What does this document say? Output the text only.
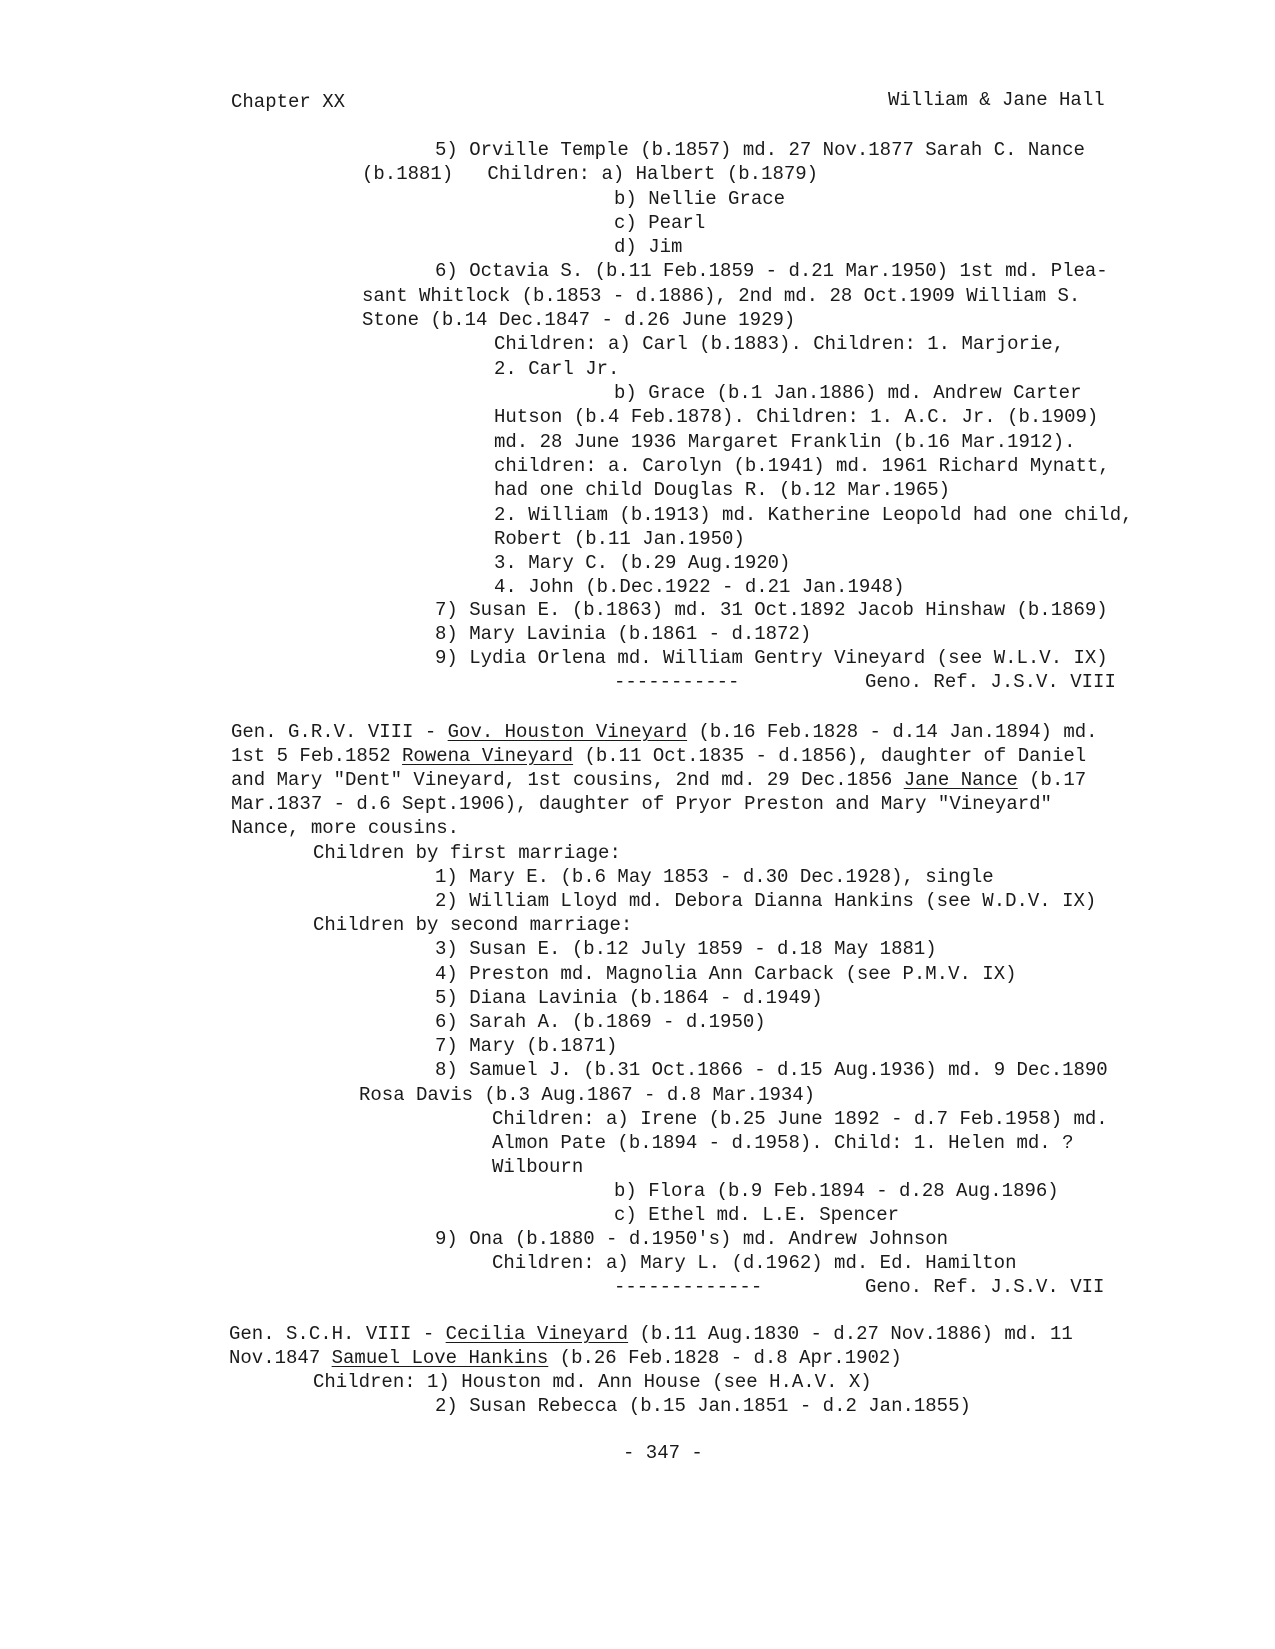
Chapter XX	William & Jane Hall
5) Orville Temple (b.1857) md. 27 Nov.1877 Sarah C. Nance
(b.1881)   Children: a) Halbert (b.1879)
b) Nellie Grace
c) Pearl
d) Jim
6) Octavia S. (b.11 Feb.1859 - d.21 Mar.1950) 1st md. Plea-
sant Whitlock (b.1853 - d.1886), 2nd md. 28 Oct.1909 William S.
Stone (b.14 Dec.1847 - d.26 June 1929)
Children: a) Carl (b.1883). Children: 1. Marjorie,
2. Carl Jr.
b) Grace (b.1 Jan.1886) md. Andrew Carter
Hutson (b.4 Feb.1878). Children: 1. A.C. Jr. (b.1909)
md. 28 June 1936 Margaret Franklin (b.16 Mar.1912).
children: a. Carolyn (b.1941) md. 1961 Richard Mynatt,
had one child Douglas R. (b.12 Mar.1965)
2. William (b.1913) md. Katherine Leopold had one child,
Robert (b.11 Jan.1950)
3. Mary C. (b.29 Aug.1920)
4. John (b.Dec.1922 - d.21 Jan.1948)
7) Susan E. (b.1863) md. 31 Oct.1892 Jacob Hinshaw (b.1869)
8) Mary Lavinia (b.1861 - d.1872)
9) Lydia Orlena md. William Gentry Vineyard (see W.L.V. IX)
-----------	Geno. Ref. J.S.V. VIII
Gen. G.R.V. VIII - Gov. Houston Vineyard (b.16 Feb.1828 - d.14 Jan.1894) md.
1st 5 Feb.1852 Rowena Vineyard (b.11 Oct.1835 - d.1856), daughter of Daniel
and Mary "Dent" Vineyard, 1st cousins, 2nd md. 29 Dec.1856 Jane Nance (b.17
Mar.1837 - d.6 Sept.1906), daughter of Pryor Preston and Mary "Vineyard"
Nance, more cousins.
Children by first marriage:
1) Mary E. (b.6 May 1853 - d.30 Dec.1928), single
2) William Lloyd md. Debora Dianna Hankins (see W.D.V. IX)
Children by second marriage:
3) Susan E. (b.12 July 1859 - d.18 May 1881)
4) Preston md. Magnolia Ann Carback (see P.M.V. IX)
5) Diana Lavinia (b.1864 - d.1949)
6) Sarah A. (b.1869 - d.1950)
7) Mary (b.1871)
8) Samuel J. (b.31 Oct.1866 - d.15 Aug.1936) md. 9 Dec.1890
Rosa Davis (b.3 Aug.1867 - d.8 Mar.1934)
Children: a) Irene (b.25 June 1892 - d.7 Feb.1958) md.
Almon Pate (b.1894 - d.1958). Child: 1. Helen md. ?
Wilbourn
b) Flora (b.9 Feb.1894 - d.28 Aug.1896)
c) Ethel md. L.E. Spencer
9) Ona (b.1880 - d.1950's) md. Andrew Johnson
Children: a) Mary L. (d.1962) md. Ed. Hamilton
-------------	Geno. Ref. J.S.V. VII
Gen. S.C.H. VIII - Cecilia Vineyard (b.11 Aug.1830 - d.27 Nov.1886) md. 11
Nov.1847 Samuel Love Hankins (b.26 Feb.1828 - d.8 Apr.1902)
Children: 1) Houston md. Ann House (see H.A.V. X)
2) Susan Rebecca (b.15 Jan.1851 - d.2 Jan.1855)
- 347 -
